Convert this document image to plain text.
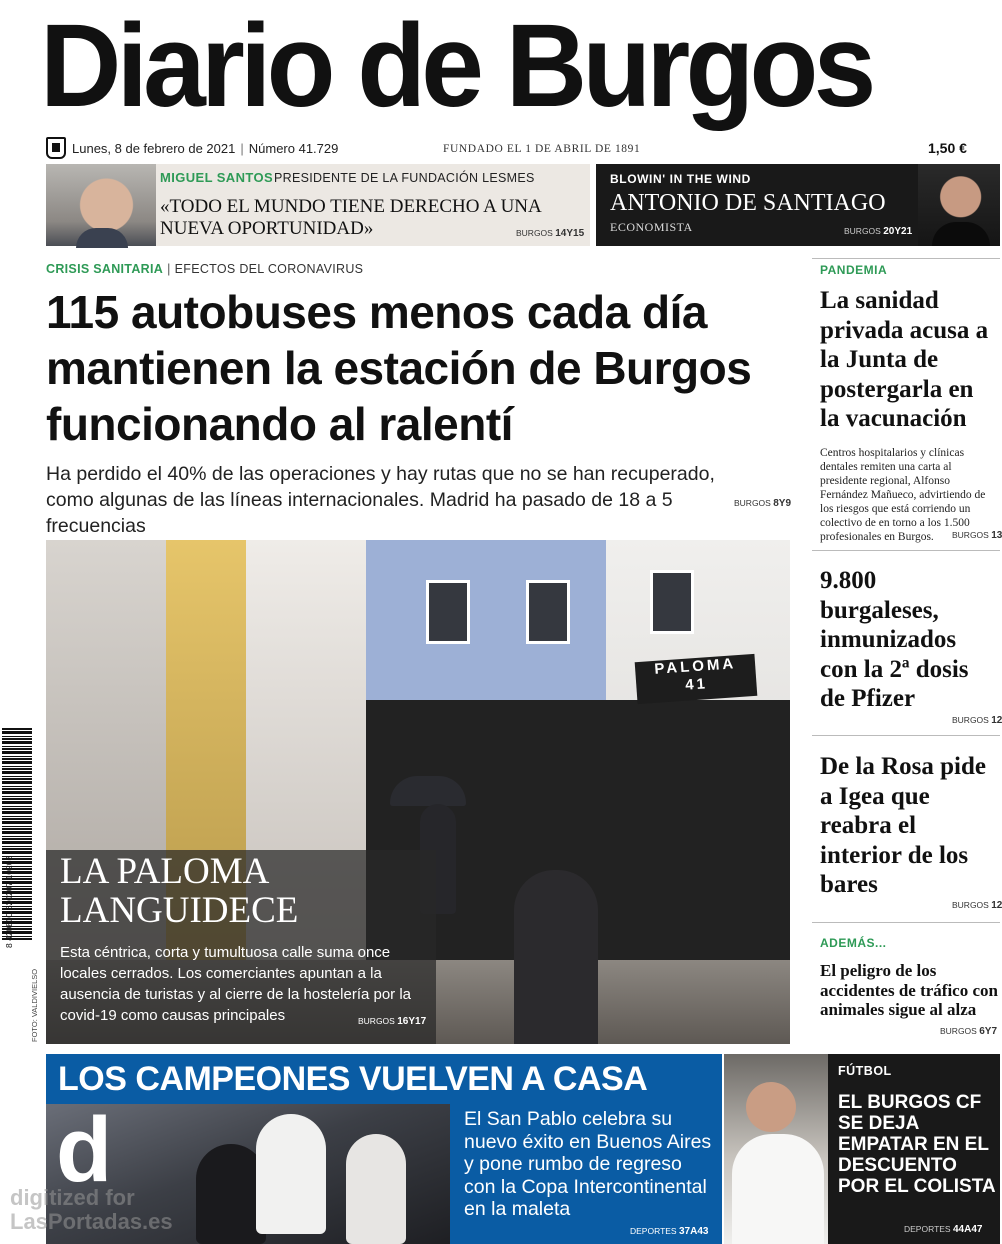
Diario de Burgos
Lunes, 8 de febrero de 2021 | Número 41.729	FUNDADO EL 1 DE ABRIL DE 1891	1,50 €
MIGUEL SANTOS PRESIDENTE DE LA FUNDACIÓN LESMES
«TODO EL MUNDO TIENE DERECHO A UNA NUEVA OPORTUNIDAD»	BURGOS 14Y15
BLOWIN' IN THE WIND
ANTONIO DE SANTIAGO
ECONOMISTA	BURGOS 20Y21
CRISIS SANITARIA | EFECTOS DEL CORONAVIRUS
115 autobuses menos cada día mantienen la estación de Burgos funcionando al ralentí
Ha perdido el 40% de las operaciones y hay rutas que no se han recuperado, como algunas de las líneas internacionales. Madrid ha pasado de 18 a 5 frecuencias
BURGOS 8Y9
PALOMA
41
LA PALOMA LANGUIDECE
Esta céntrica, corta y tumultuosa calle suma once locales cerrados. Los comerciantes apuntan a la ausencia de turistas y al cierre de la hostelería por la covid-19 como causas principales	BURGOS 16Y17
FOTO: VALDIVIELSO
8 420800 620207 10208
PANDEMIA
La sanidad privada acusa a la Junta de postergarla en la vacunación
Centros hospitalarios y clínicas dentales remiten una carta al presidente regional, Alfonso Fernández Mañueco, advirtiendo de los riesgos que está corriendo un colectivo de en torno a los 1.500 profesionales en Burgos.	BURGOS 13
9.800 burgaleses, inmunizados con la 2ª dosis de Pfizer
BURGOS 12
De la Rosa pide a Igea que reabra el interior de los bares
BURGOS 12
ADEMÁS...
El peligro de los accidentes de tráfico con animales sigue al alza
BURGOS 6Y7
LOS CAMPEONES VUELVEN A CASA
d	El San Pablo celebra su nuevo éxito en Buenos Aires y pone rumbo de regreso con la Copa Intercontinental en la maleta
DEPORTES 37A43
FÚTBOL
EL BURGOS CF SE DEJA EMPATAR EN EL DESCUENTO POR EL COLISTA
DEPORTES 44A47
digitized for
LasPortadas.es
